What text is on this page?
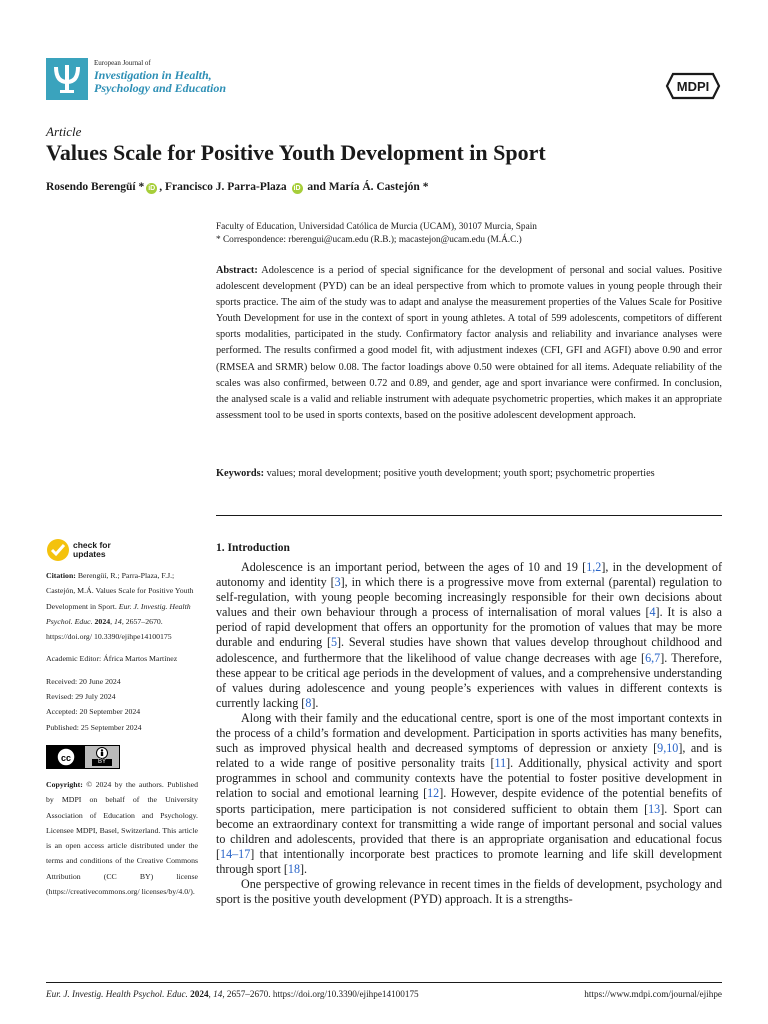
European Journal of
Investigation in Health,
Psychology and Education	MDPI
Article
Values Scale for Positive Youth Development in Sport
Rosendo Berengüí * iD , Francisco J. Parra-Plaza iD and María Á. Castejón *
Faculty of Education, Universidad Católica de Murcia (UCAM), 30107 Murcia, Spain
* Correspondence: rberengui@ucam.edu (R.B.); macastejon@ucam.edu (M.Á.C.)
Abstract: Adolescence is a period of special significance for the development of personal and social values. Positive adolescent development (PYD) can be an ideal perspective from which to promote values in young people through their sports practice. The aim of the study was to adapt and analyse the measurement properties of the Values Scale for Positive Youth Development for use in the context of sport in young athletes. A total of 599 adolescents, competitors of different sports modalities, participated in the study. Confirmatory factor analysis and reliability and invariance analyses were performed. The results confirmed a good model fit, with adjustment indexes (CFI, GFI and AGFI) above 0.90 and error (RMSEA and SRMR) below 0.08. The factor loadings above 0.50 were obtained for all items. Adequate reliability of the scales was also confirmed, between 0.72 and 0.89, and gender, age and sport invariance were confirmed. In conclusion, the analysed scale is a valid and reliable instrument with adequate psychometric properties, which makes it an appropriate assessment tool to be used in sports contexts, based on the positive adolescent development approach.
Keywords: values; moral development; positive youth development; youth sport; psychometric properties
check for
updates
Citation: Berengüí, R.; Parra-Plaza, F.J.; Castejón, M.Á. Values Scale for Positive Youth Development in Sport. Eur. J. Investig. Health Psychol. Educ. 2024, 14, 2657–2670. https://doi.org/ 10.3390/ejihpe14100175
Academic Editor: África Martos Martínez
Received: 20 June 2024
Revised: 29 July 2024
Accepted: 20 September 2024
Published: 25 September 2024
cc	BY
Copyright: © 2024 by the authors. Published by MDPI on behalf of the University Association of Education and Psychology. Licensee MDPI, Basel, Switzerland. This article is an open access article distributed under the terms and conditions of the Creative Commons Attribution (CC BY) license (https://creativecommons.org/ licenses/by/4.0/).
1. Introduction

Adolescence is an important period, between the ages of 10 and 19 [1,2], in the development of autonomy and identity [3], in which there is a progressive move from external (parental) regulation to self-regulation, with young people becoming increasingly responsible for their own decisions about values and their own behaviour through a process of internalisation of moral values [4]. It is also a period of rapid development that offers an opportunity for the promotion of values that may be more durable and enduring [5]. Several studies have shown that values develop throughout childhood and adolescence, and furthermore that the likelihood of value change decreases with age [6,7]. Therefore, these appear to be critical age periods in the development of values, and a comprehensive understanding of values during adolescence and young people’s experiences with values in different contexts is currently lacking [8].

Along with their family and the educational centre, sport is one of the most important contexts in the process of a child’s formation and development. Participation in sports activities has many benefits, such as improved physical health and decreased symptoms of depression or anxiety [9,10], and is related to a wide range of positive personality traits [11]. Additionally, physical activity and sport programmes in school and community contexts have the potential to foster positive development in relation to social and emotional learning [12]. However, despite evidence of the potential benefits of sports participation, mere participation is not considered sufficient to obtain them [13]. Sport can become an extraordinary context for transmitting a wide range of important personal and social values to children and adolescents, provided that there is an appropriate organisation and educational focus [14–17] that intentionally incorporate best practices to promote learning and life skill development through sport [18].

One perspective of growing relevance in recent times in the fields of development, psychology and sport is the positive youth development (PYD) approach. It is a strengths-

Eur. J. Investig. Health Psychol. Educ. 2024, 14, 2657–2670. https://doi.org/10.3390/ejihpe14100175	https://www.mdpi.com/journal/ejihpe
